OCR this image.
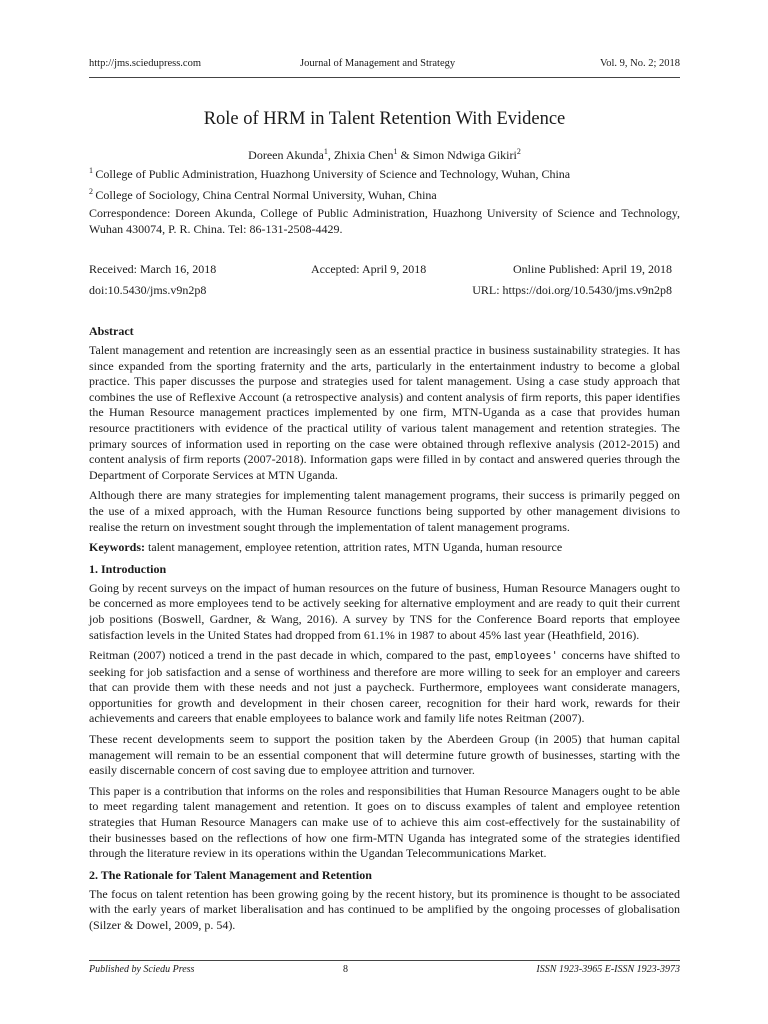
http://jms.sciedupress.com	Journal of Management and Strategy	Vol. 9, No. 2; 2018
Role of HRM in Talent Retention With Evidence
Doreen Akunda$^1$, Zhixia Chen$^1$ & Simon Ndwiga Gikiri$^2$
$^1$  College of Public Administration, Huazhong University of Science and Technology, Wuhan, China
$^2$  College of Sociology, China Central Normal University, Wuhan, China
Correspondence: Doreen Akunda, College of Public Administration, Huazhong University of Science and Technology, Wuhan 430074, P. R. China. Tel: 86-131-2508-4429.
Received: March 16, 2018	Accepted: April 9, 2018	Online Published: April 19, 2018
doi:10.5430/jms.v9n2p8	URL: https://doi.org/10.5430/jms.v9n2p8
Abstract

Talent management and retention are increasingly seen as an essential practice in business sustainability strategies. It has since expanded from the sporting fraternity and the arts, particularly in the entertainment industry to become a global practice. This paper discusses the purpose and strategies used for talent management. Using a case study approach that combines the use of Reflexive Account (a retrospective analysis) and content analysis of firm reports, this paper identifies the Human Resource management practices implemented by one firm, MTN-Uganda as a case that provides human resource practitioners with evidence of the practical utility of various talent management and retention strategies. The primary sources of information used in reporting on the case were obtained through reflexive analysis (2012-2015) and content analysis of firm reports (2007-2018). Information gaps were filled in by contact and answered queries through the Department of Corporate Services at MTN Uganda.

Although there are many strategies for implementing talent management programs, their success is primarily pegged on the use of a mixed approach, with the Human Resource functions being supported by other management divisions to realise the return on investment sought through the implementation of talent management programs.

Keywords: talent management, employee retention, attrition rates, MTN Uganda, human resource

1. Introduction

Going by recent surveys on the impact of human resources on the future of business, Human Resource Managers ought to be concerned as more employees tend to be actively seeking for alternative employment and are ready to quit their current job positions (Boswell, Gardner, & Wang, 2016). A survey by TNS for the Conference Board reports that employee satisfaction levels in the United States had dropped from 61.1% in 1987 to about 45% last year (Heathfield, 2016).

Reitman (2007) noticed a trend in the past decade in which, compared to the past, employees' concerns have shifted to seeking for job satisfaction and a sense of worthiness and therefore are more willing to seek for an employer and careers that can provide them with these needs and not just a paycheck. Furthermore, employees want considerate managers, opportunities for growth and development in their chosen career, recognition for their hard work, rewards for their achievements and careers that enable employees to balance work and family life notes Reitman (2007).

These recent developments seem to support the position taken by the Aberdeen Group (in 2005) that human capital management will remain to be an essential component that will determine future growth of businesses, starting with the easily discernable concern of cost saving due to employee attrition and turnover.

This paper is a contribution that informs on the roles and responsibilities that Human Resource Managers ought to be able to meet regarding talent management and retention. It goes on to discuss examples of talent and employee retention strategies that Human Resource Managers can make use of to achieve this aim cost-effectively for the sustainability of their businesses based on the reflections of how one firm-MTN Uganda has integrated some of the strategies identified through the literature review in its operations within the Ugandan Telecommunications Market.

2. The Rationale for Talent Management and Retention

The focus on talent retention has been growing going by the recent history, but its prominence is thought to be associated with the early years of market liberalisation and has continued to be amplified by the ongoing processes of globalisation (Silzer & Dowel, 2009, p. 54).

Published by Sciedu Press	8	ISSN 1923-3965 E-ISSN 1923-3973
